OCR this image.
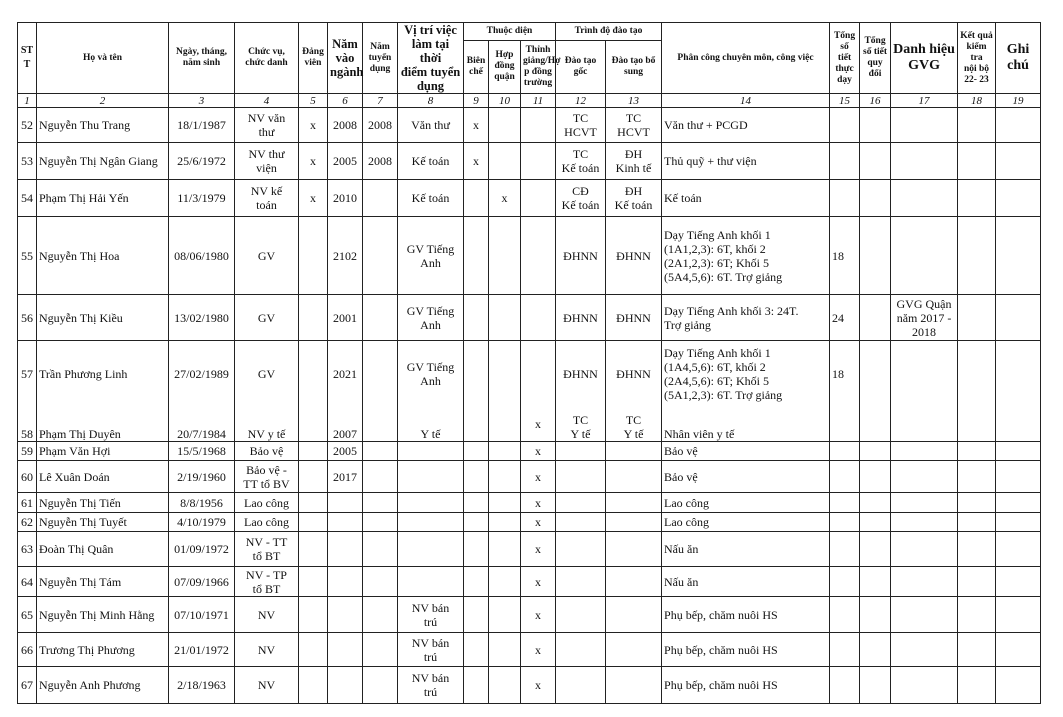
ST
T	Họ và tên	Ngày, tháng,
năm sinh	Chức vụ,
chức danh	Đảng
viên	Năm
vào
ngành	Năm
tuyển
dụng	Vị trí việc
làm tại thời
điểm tuyển
dụng	Thuộc diện			Trình độ đào tạo		Phân công chuyên môn, công việc	Tổng số
tiết
thực
dạy	Tổng
số tiết
quy
đổi	Danh hiệu
GVG	Kết quả
kiểm tra
nội bộ
22- 23	Ghi
chú
								Biên
chế	Hợp
đồng
quận	Thỉnh
giảng/Hợ
p đồng
trường	Đào tạo gốc	Đào tạo bổ
sung						
1	2	3	4	5	6	7	8	9	10	11	12	13	14	15	16	17	18	19
52	Nguyễn Thu Trang	18/1/1987	NV văn
thư	x	2008	2008	Văn thư	x			TC
HCVT	TC
HCVT	Văn thư + PCGD					
53	Nguyễn Thị Ngân Giang	25/6/1972	NV thư
viện	x	2005	2008	Kế toán	x			TC
Kế toán	ĐH
Kinh tế	Thủ quỹ + thư viện					
54	Phạm Thị Hải Yến	11/3/1979	NV kế
toán	x	2010		Kế toán		x		CĐ
Kế toán	ĐH
Kế toán	Kế toán					
55	Nguyễn Thị Hoa	08/06/1980	GV		2102		GV Tiếng
Anh				ĐHNN	ĐHNN	Dạy Tiếng Anh khối 1
(1A1,2,3): 6T, khối 2
(2A1,2,3): 6T; Khối 5
(5A4,5,6): 6T. Trợ giảng	18				
56	Nguyễn Thị Kiều	13/02/1980	GV		2001		GV Tiếng
Anh				ĐHNN	ĐHNN	Dạy Tiếng Anh khối 3: 24T.
Trợ giảng	24		GVG Quận
năm 2017 -
2018		
57	Trần Phương Linh	27/02/1989	GV		2021		GV Tiếng
Anh				ĐHNN	ĐHNN	Dạy Tiếng Anh khối 1
(1A4,5,6): 6T, khối 2
(2A4,5,6): 6T; Khối 5
(5A1,2,3): 6T. Trợ giảng	18				
58	Phạm Thị Duyên	20/7/1984	NV y tế		2007		Y tế			x	TC
Y tế	TC
Y tế	Nhân viên y tế					
59	Phạm Văn Hợi	15/5/1968	Bảo vệ		2005					x			Bảo vệ					
60	Lê Xuân Doán	2/19/1960	Bảo vệ -
TT tổ BV		2017					x			Bảo vệ					
61	Nguyễn Thị Tiến	8/8/1956	Lao công							x			Lao công					
62	Nguyễn Thị Tuyết	4/10/1979	Lao công							x			Lao công					
63	Đoàn Thị Quân	01/09/1972	NV - TT
tổ BT							x			Nấu ăn					
64	Nguyễn Thị Tám	07/09/1966	NV - TP
tổ BT							x			Nấu ăn					
65	Nguyễn Thị Minh Hằng	07/10/1971	NV				NV bán
trú			x			Phụ bếp, chăm nuôi HS					
66	Trương Thị Phương	21/01/1972	NV				NV bán
trú			x			Phụ bếp, chăm nuôi HS					
67	Nguyễn Anh Phương	2/18/1963	NV				NV bán
trú			x			Phụ bếp, chăm nuôi HS					
